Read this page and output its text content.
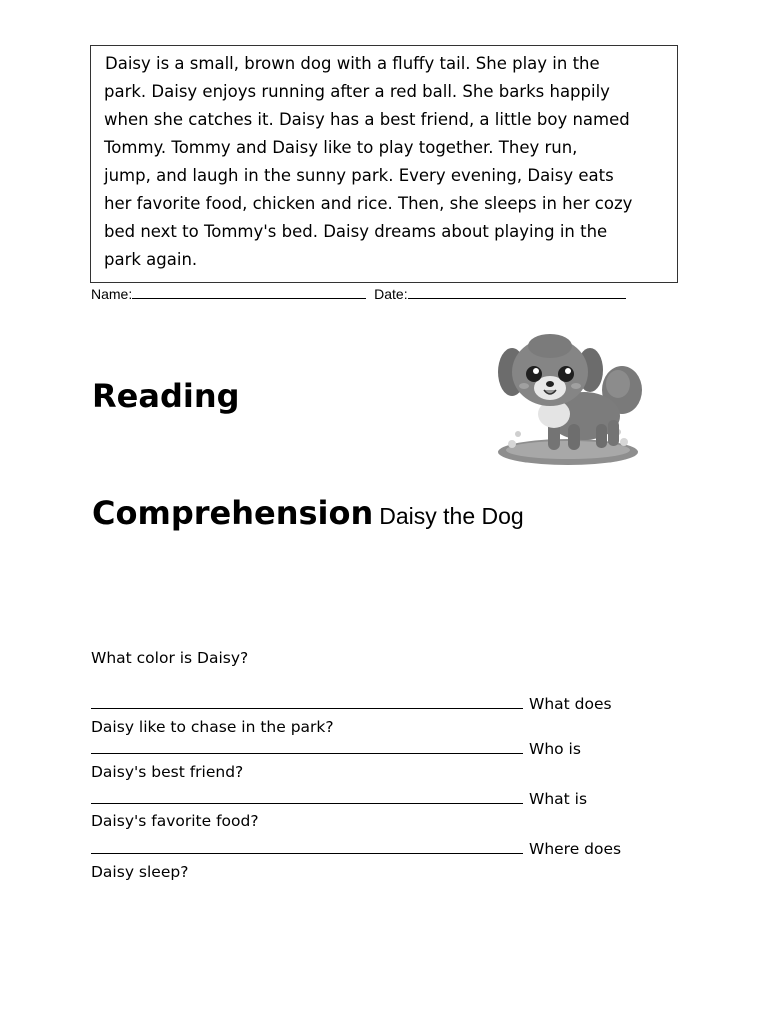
Daisy is a small, brown dog with a fluffy tail. She play in the
park. Daisy enjoys running after a red ball. She barks happily
when she catches it. Daisy has a best friend, a little boy named
Tommy. Tommy and Daisy like to play together. They run,
jump, and laugh in the sunny park. Every evening, Daisy eats
her favorite food, chicken and rice. Then, she sleeps in her cozy
bed next to Tommy's bed. Daisy dreams about playing in the
park again.
Name:	Date:
Reading
Comprehension Daisy the Dog
What color is Daisy?
What does
Daisy like to chase in the park?
Who is
Daisy's best friend?
What is
Daisy's favorite food?
Where does
Daisy sleep?
